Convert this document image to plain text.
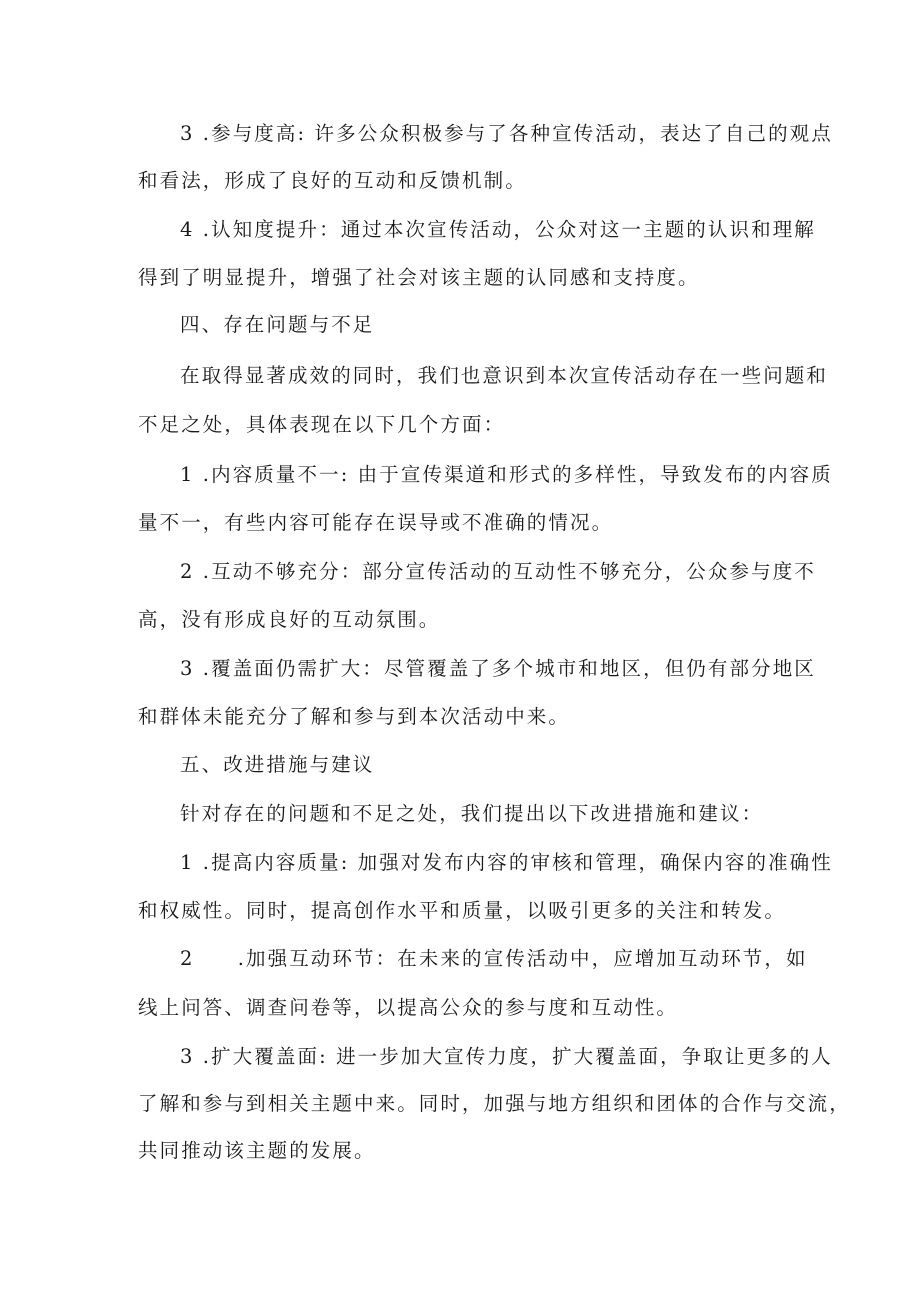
3 .参与度高: 许多公众积极参与了各种宣传活动，表达了自己的观点
和看法，形成了良好的互动和反馈机制。
4 .认知度提升：通过本次宣传活动，公众对这一主题的认识和理解
得到了明显提升，增强了社会对该主题的认同感和支持度。
四、存在问题与不足
在取得显著成效的同时，我们也意识到本次宣传活动存在一些问题和
不足之处，具体表现在以下几个方面：
1 .内容质量不一: 由于宣传渠道和形式的多样性，导致发布的内容质
量不一，有些内容可能存在误导或不准确的情况。
2 .互动不够充分：部分宣传活动的互动性不够充分，公众参与度不
高，没有形成良好的互动氛围。
3 .覆盖面仍需扩大：尽管覆盖了多个城市和地区，但仍有部分地区
和群体未能充分了解和参与到本次活动中来。
五、改进措施与建议
针对存在的问题和不足之处，我们提出以下改进措施和建议：
1 .提高内容质量: 加强对发布内容的审核和管理，确保内容的准确性
和权威性。同时，提高创作水平和质量，以吸引更多的关注和转发。
2　　.加强互动环节：在未来的宣传活动中，应增加互动环节，如
线上问答、调查问卷等，以提高公众的参与度和互动性。
3 .扩大覆盖面: 进一步加大宣传力度，扩大覆盖面，争取让更多的人
了解和参与到相关主题中来。同时，加强与地方组织和团体的合作与交流，
共同推动该主题的发展。
